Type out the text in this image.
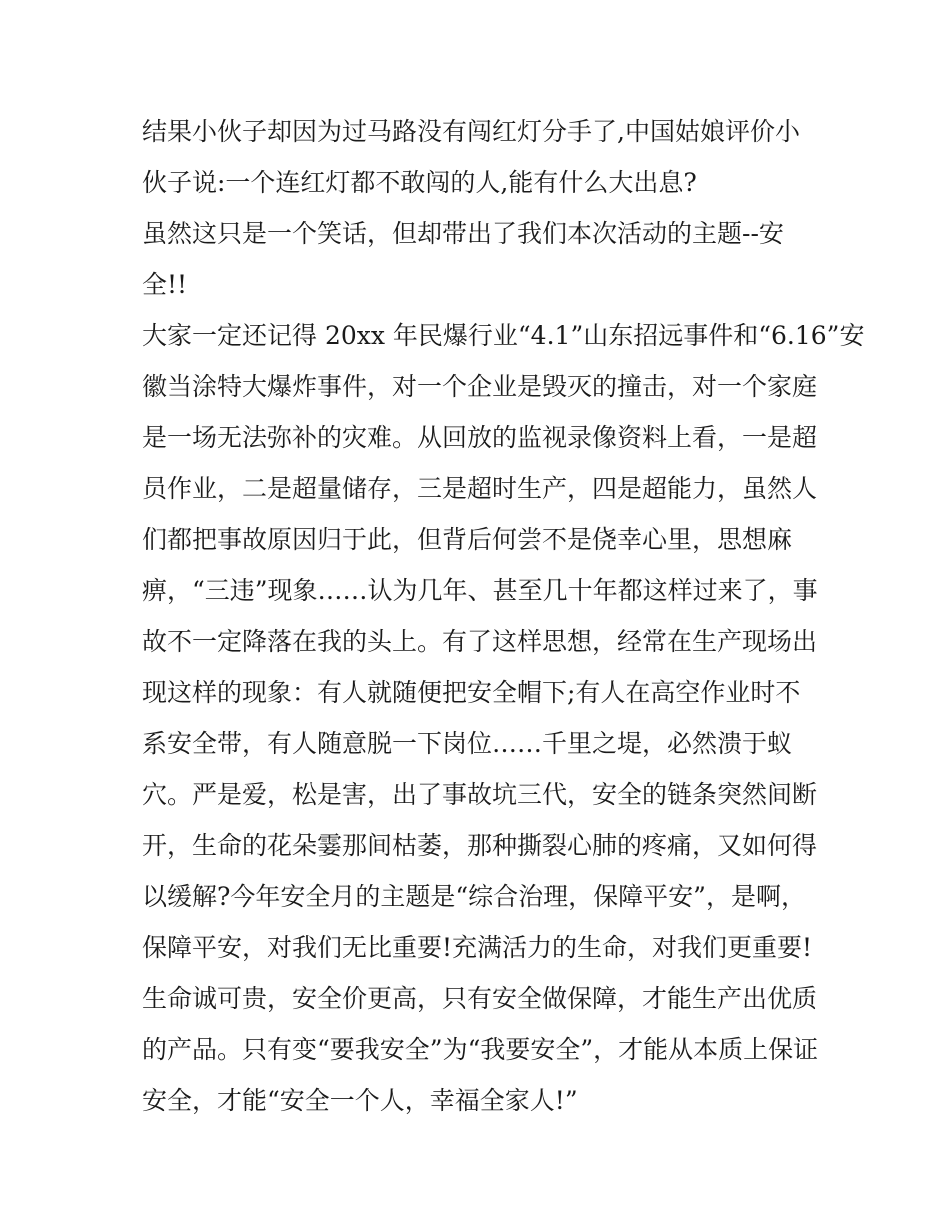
结果小伙子却因为过马路没有闯红灯分手了,中国姑娘评价小
伙子说:一个连红灯都不敢闯的人,能有什么大出息?
虽然这只是一个笑话，但却带出了我们本次活动的主题--安
全!!
大家一定还记得 20xx 年民爆行业“4.1”山东招远事件和“6.16”安
徽当涂特大爆炸事件，对一个企业是毁灭的撞击，对一个家庭
是一场无法弥补的灾难。从回放的监视录像资料上看，一是超
员作业，二是超量储存，三是超时生产，四是超能力，虽然人
们都把事故原因归于此，但背后何尝不是侥幸心里，思想麻
痹，“三违”现象……认为几年、甚至几十年都这样过来了，事
故不一定降落在我的头上。有了这样思想，经常在生产现场出
现这样的现象：有人就随便把安全帽下;有人在高空作业时不
系安全带，有人随意脱一下岗位……千里之堤，必然溃于蚁
穴。严是爱，松是害，出了事故坑三代，安全的链条突然间断
开，生命的花朵霎那间枯萎，那种撕裂心肺的疼痛，又如何得
以缓解?今年安全月的主题是“综合治理，保障平安”，是啊，
保障平安，对我们无比重要!充满活力的生命，对我们更重要!
生命诚可贵，安全价更高，只有安全做保障，才能生产出优质
的产品。只有变“要我安全”为“我要安全”，才能从本质上保证
安全，才能“安全一个人，幸福全家人!”
